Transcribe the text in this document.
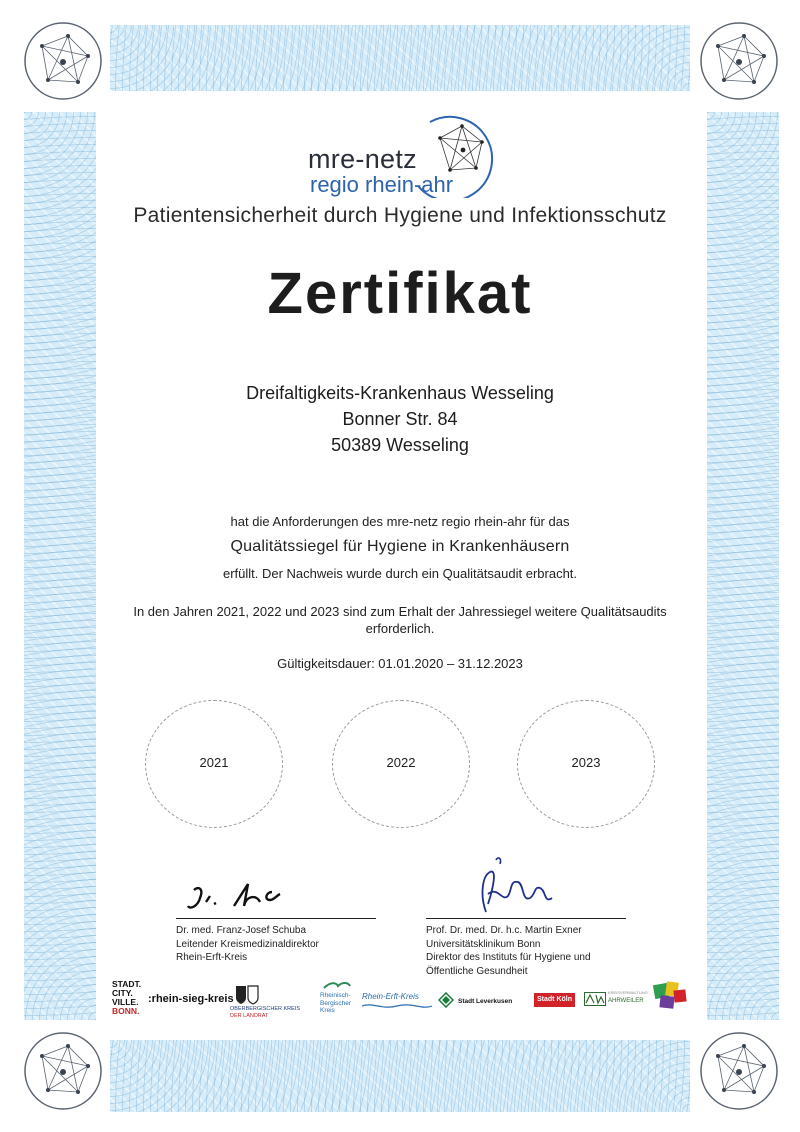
mre-netz
regio rhein-ahr
Patientensicherheit durch Hygiene und Infektionsschutz
Zertifikat
Dreifaltigkeits-Krankenhaus Wesseling
Bonner Str. 84
50389 Wesseling
hat die Anforderungen des mre-netz regio rhein-ahr für das
Qualitätssiegel für Hygiene in Krankenhäusern
erfüllt. Der Nachweis wurde durch ein Qualitätsaudit erbracht.
In den Jahren 2021, 2022 und 2023 sind zum Erhalt der Jahressiegel weitere Qualitätsaudits erforderlich.
Gültigkeitsdauer: 01.01.2020 – 31.12.2023
2021	2022	2023
Dr. med. Franz-Josef Schuba
Leitender Kreismedizinaldirektor
Rhein-Erft-Kreis
Prof. Dr. med. Dr. h.c. Martin Exner
Universitätsklinikum Bonn
Direktor des Instituts für Hygiene und
Öffentliche Gesundheit
STADT.
CITY.
VILLE.
BONN.
:rhein-sieg-kreis
OBERBERGISCHER KREIS
DER LANDRAT
Rheinisch-
Bergischer
Kreis
Rhein-Erft-Kreis
Stadt Leverkusen	Stadt Köln
KREISVERWALTUNG
AHRWEILER
